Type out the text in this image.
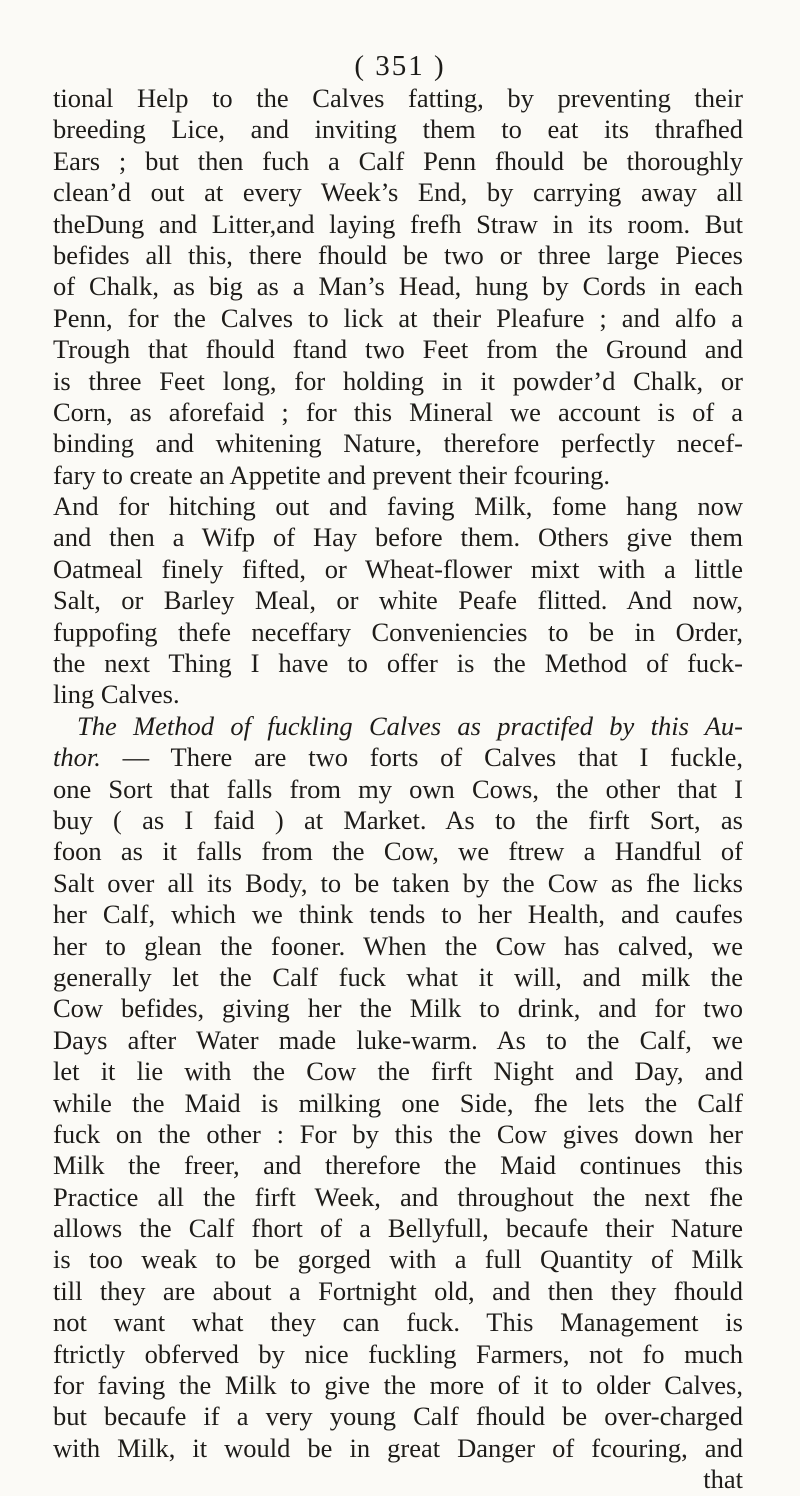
( 351 )
tional Help to the Calves fatting, by preventing their
breeding Lice, and inviting them to eat its thrafhed
Ears ; but then fuch a Calf Penn fhould be thoroughly
clean’d out at every Week’s End, by carrying away all
theDung and Litter,and laying frefh Straw in its room. But
befides all this, there fhould be two or three large Pieces
of Chalk, as big as a Man’s Head, hung by Cords in each
Penn, for the Calves to lick at their Pleafure ; and alfo a
Trough that fhould ftand two Feet from the Ground and
is three Feet long, for holding in it powder’d Chalk, or
Corn, as aforefaid ; for this Mineral we account is of a
binding and whitening Nature, therefore perfectly necef-
fary to create an Appetite and prevent their fcouring.
And for hitching out and faving Milk, fome hang now
and then a Wifp of Hay before them. Others give them
Oatmeal finely fifted, or Wheat-flower mixt with a little
Salt, or Barley Meal, or white Peafe flitted. And now,
fuppofing thefe neceffary Conveniencies to be in Order,
the next Thing I have to offer is the Method of fuck-
ling Calves.
The Method of fuckling Calves as practifed by this Au-
thor. — There are two forts of Calves that I fuckle,
one Sort that falls from my own Cows, the other that I
buy ( as I faid ) at Market. As to the firft Sort, as
foon as it falls from the Cow, we ftrew a Handful of
Salt over all its Body, to be taken by the Cow as fhe licks
her Calf, which we think tends to her Health, and caufes
her to glean the fooner. When the Cow has calved, we
generally let the Calf fuck what it will, and milk the
Cow befides, giving her the Milk to drink, and for two
Days after Water made luke-warm. As to the Calf, we
let it lie with the Cow the firft Night and Day, and
while the Maid is milking one Side, fhe lets the Calf
fuck on the other : For by this the Cow gives down her
Milk the freer, and therefore the Maid continues this
Practice all the firft Week, and throughout the next fhe
allows the Calf fhort of a Bellyfull, becaufe their Nature
is too weak to be gorged with a full Quantity of Milk
till they are about a Fortnight old, and then they fhould
not want what they can fuck. This Management is
ftrictly obferved by nice fuckling Farmers, not fo much
for faving the Milk to give the more of it to older Calves,
but becaufe if a very young Calf fhould be over-charged
with Milk, it would be in great Danger of fcouring, and
that
